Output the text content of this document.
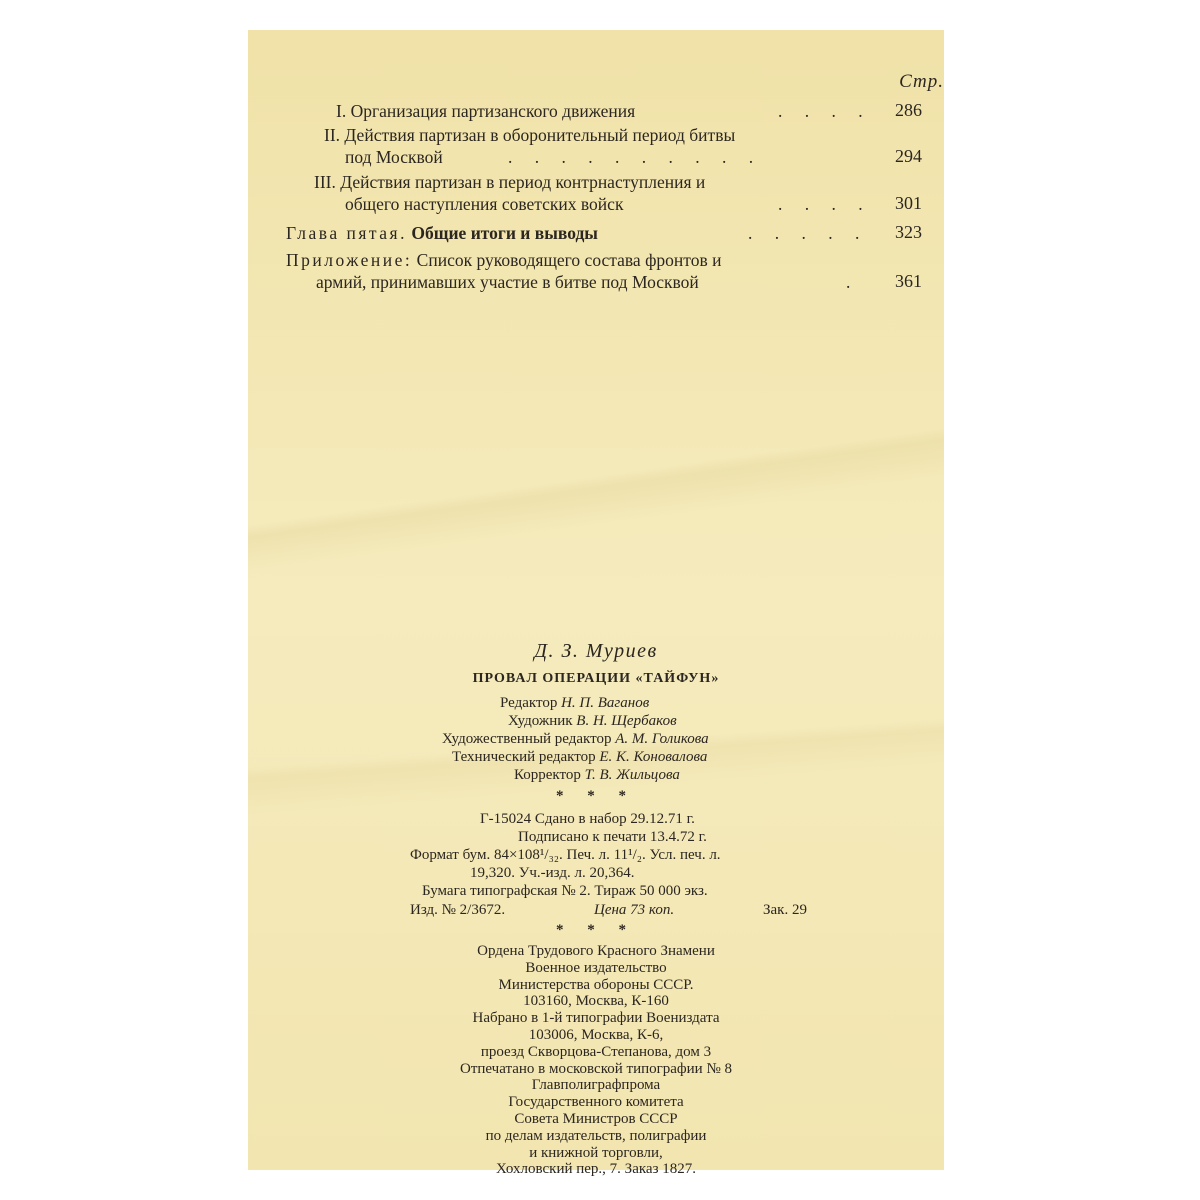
Стр.
I. Организация партизанского движения	. . . . 286
II. Действия партизан в оборонительный период битвы
под Москвой	. . . . . . . . . .	294
III. Действия партизан в период контрнаступления и
общего наступления советских войск	. . . . 301
Глава пятая. Общие итоги и выводы	. . . . . 323
Приложение: Список руководящего состава фронтов и
армий, принимавших участие в битве под Москвой	. 361
Д. З. Муриев
ПРОВАЛ ОПЕРАЦИИ «ТАЙФУН»
Редактор Н. П. Ваганов
Художник В. Н. Щербаков
Художественный редактор А. М. Голикова
Технический редактор Е. К. Коновалова
Корректор Т. В. Жильцова
* * *
Г-15024 Сдано в набор 29.12.71 г.
Подписано к печати 13.4.72 г.
Формат бум. 84×108¹/₃₂. Печ. л. 11¹/₂. Усл. печ. л.
19,320. Уч.-изд. л. 20,364.
Бумага типографская № 2. Тираж 50 000 экз.
Изд. № 2/3672.	Цена 73 коп.	Зак. 29
* * *
Ордена Трудового Красного Знамени
Военное издательство
Министерства обороны СССР.
103160, Москва, К-160
Набрано в 1-й типографии Воениздата
103006, Москва, К-6,
проезд Скворцова-Степанова, дом 3
Отпечатано в московской типографии № 8
Главполиграфпрома
Государственного комитета
Совета Министров СССР
по делам издательств, полиграфии
и книжной торговли,
Хохловский пер., 7. Заказ 1827.
